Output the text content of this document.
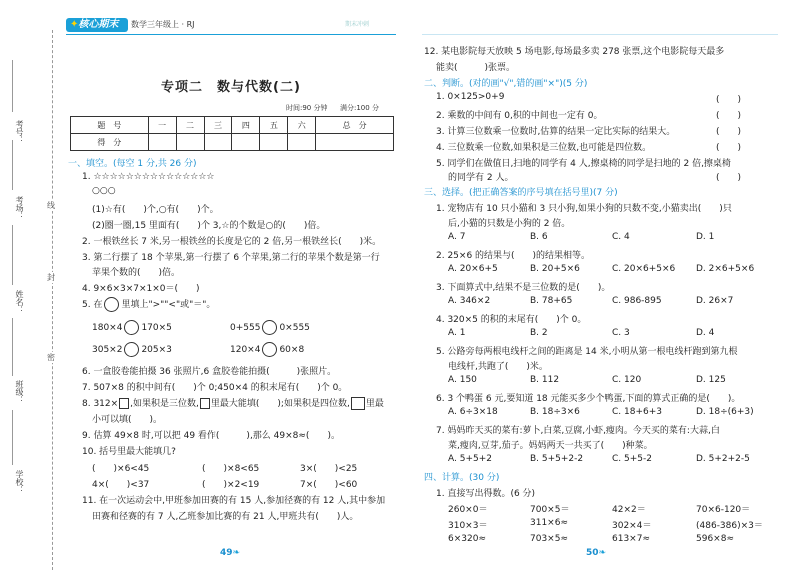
考号：
考场：
姓名：
班级：
学校：
线
封
密
✦核心期末	数学三年级上 · RJ	期末冲刺
专项二　数与代数(二)
时间:90 分钟 满分:100 分
题　号	一	二	三	四	五	六	总　分
得　分							
一、填空。(每空 1 分,共 26 分)
1. ☆☆☆☆☆☆☆☆☆☆☆☆☆☆☆
○○○
(1)☆有(　　)个,○有(　　)个。
(2)圈一圈,15 里面有(　　)个 3,☆的个数是○的(　　)倍。
2. 一根铁丝长 7 米,另一根铁丝的长度是它的 2 倍,另一根铁丝长(　　)米。
3. 第二行摆了 18 个苹果,第一行摆了 6 个苹果,第二行的苹果个数是第一行
苹果个数的(　　)倍。
4. 9×6×3×7×1×0＝(　　)
5. 在 里填上">""<"或"＝"。
180×4 170×5	0+555 0×555
305×2 205×3	120×4 60×8
6. 一盒胶卷能拍摄 36 张照片,6 盒胶卷能拍摄(　　　)张照片。
7. 507×8 的积中间有(　　)个 0;450×4 的积末尾有(　　)个 0。
8. 312× ,如果积是三位数, 里最大能填(　　);如果积是四位数, 里最
小可以填(　　)。
9. 估算 49×8 时,可以把 49 看作(　　　),那么 49×8≈(　　)。
10. 括号里最大能填几?
(　　)×6<45	(　　)×8<65	3×(　　)<25
4×(　　)<37	(　　)×2<19	7×(　　)<60
11. 在一次运动会中,甲班参加田赛的有 15 人,参加径赛的有 12 人,其中参加
田赛和径赛的有 7 人,乙班参加比赛的有 21 人,甲班共有(　　)人。
49❧
12. 某电影院每天放映 5 场电影,每场最多卖 278 张票,这个电影院每天最多
能卖(　　　)张票。
二、判断。(对的画"√",错的画"×")(5 分)
1. 0×125>0+9	(　　)
2. 乘数的中间有 0,积的中间也一定有 0。	(　　)
3. 计算三位数乘一位数时,估算的结果一定比实际的结果大。	(　　)
4. 三位数乘一位数,如果积是三位数,也可能是四位数。	(　　)
5. 同学们在做值日,扫地的同学有 4 人,擦桌椅的同学是扫地的 2 倍,擦桌椅
的同学有 2 人。	(　　)
三、选择。(把正确答案的序号填在括号里)(7 分)
1. 宠物店有 10 只小猫和 3 只小狗,如果小狗的只数不变,小猫卖出(　　)只
后,小猫的只数是小狗的 2 倍。
A. 7	B. 6	C. 4	D. 1
2. 25×6 的结果与(　　)的结果相等。
A. 20×6+5	B. 20+5×6	C. 20×6+5×6 D. 2×6+5×6
3. 下面算式中,结果不是三位数的是(　　)。
A. 346×2	B. 78+65	C. 986-895	D. 26×7
4. 320×5 的积的末尾有(　　)个 0。
A. 1	B. 2	C. 3	D. 4
5. 公路旁每两根电线杆之间的距离是 14 米,小明从第一根电线杆跑到第九根
电线杆,共跑了(　　)米。
A. 150	B. 112	C. 120	D. 125
6. 3 个鸭蛋 6 元,要知道 18 元能买多少个鸭蛋,下面的算式正确的是(　　)。
A. 6÷3×18	B. 18÷3×6	C. 18+6+3	D. 18÷(6+3)
7. 妈妈昨天买的菜有:萝卜,白菜,豆腐,小虾,瘦肉。今天买的菜有:大蒜,白
菜,瘦肉,豆芽,茄子。妈妈两天一共买了(　　)种菜。
A. 5+5+2	B. 5+5+2-2	C. 5+5-2	D. 5+2+2-5
四、计算。(30 分)
1. 直接写出得数。(6 分)
260×0＝	700×5＝	42×2＝	70×6-120＝
310×3＝	311×6≈	302×4＝	(486-386)×3＝
6×320≈	703×5≈	613×7≈	596×8≈
50❧
